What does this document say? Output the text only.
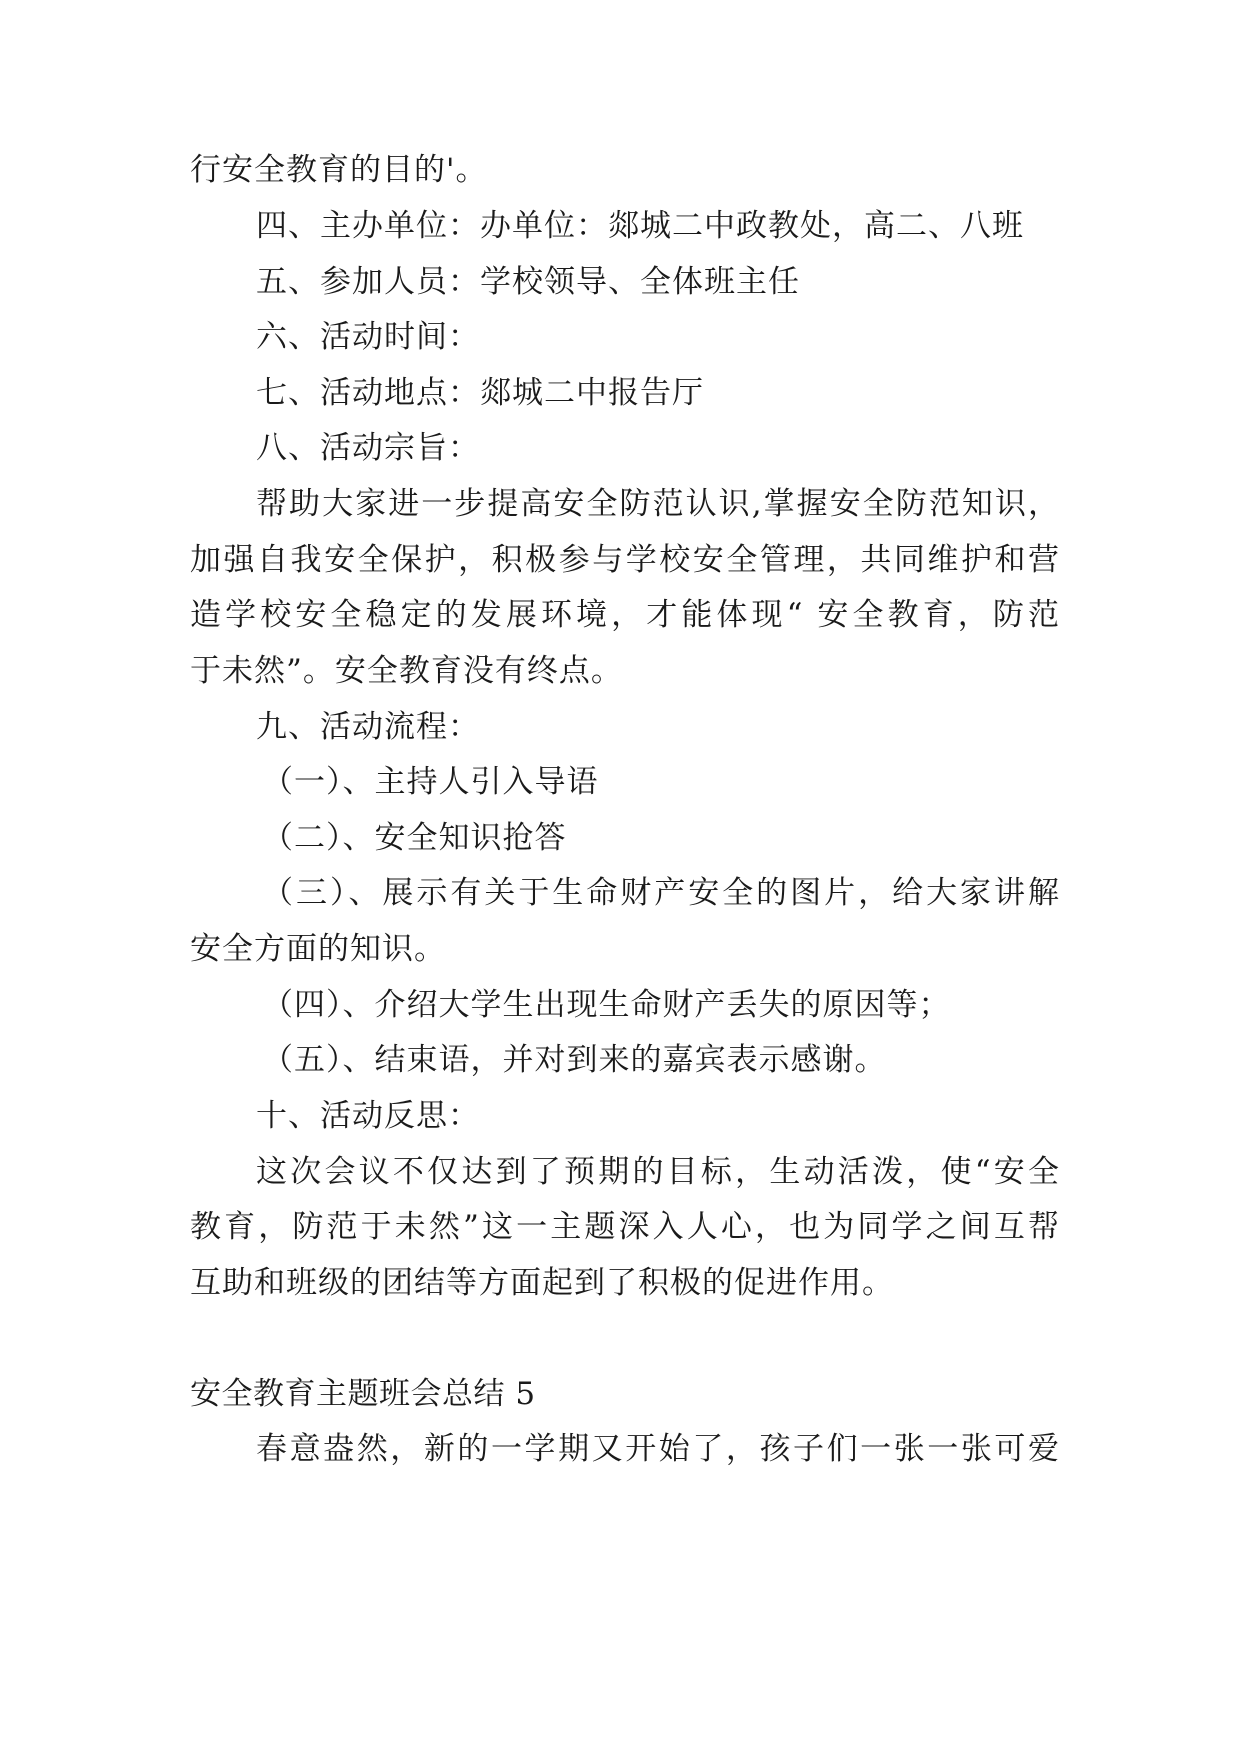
行安全教育的目的'。
四、主办单位：办单位：郯城二中政教处，高二、八班
五、参加人员：学校领导、全体班主任
六、活动时间：
七、活动地点：郯城二中报告厅
八、活动宗旨：
帮助大家进一步提高安全防范认识,掌握安全防范知识，
加强自我安全保护，积极参与学校安全管理，共同维护和营
造学校安全稳定的发展环境，才能体现“ 安全教育，防范
于未然”。安全教育没有终点。
九、活动流程：
（一）、主持人引入导语
（二）、安全知识抢答
（三）、展示有关于生命财产安全的图片，给大家讲解
安全方面的知识。
（四）、介绍大学生出现生命财产丢失的原因等；
（五）、结束语，并对到来的嘉宾表示感谢。
十、活动反思：
这次会议不仅达到了预期的目标，生动活泼，使“安全
教育，防范于未然”这一主题深入人心，也为同学之间互帮
互助和班级的团结等方面起到了积极的促进作用。
安全教育主题班会总结 5
春意盎然，新的一学期又开始了，孩子们一张一张可爱
